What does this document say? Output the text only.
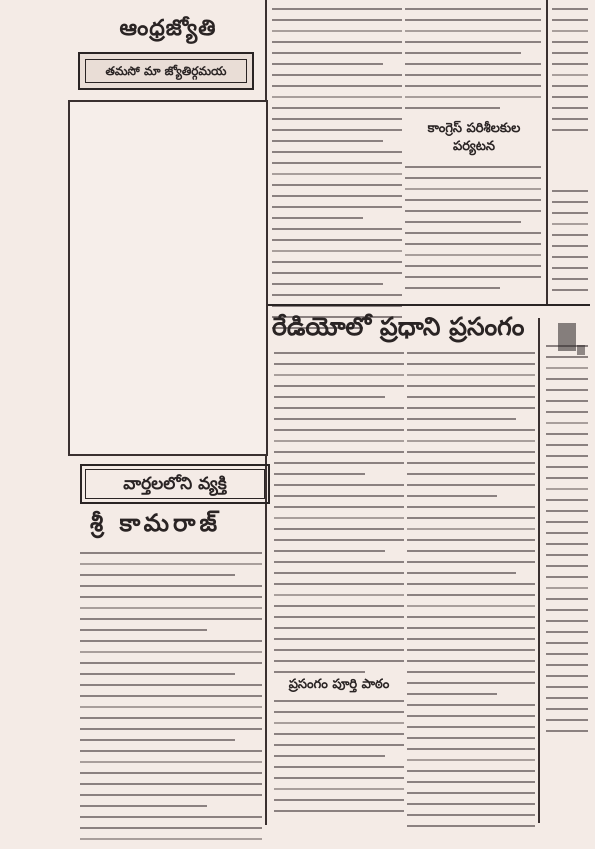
ఆంధ్రజ్యోతి
తమసో మా జ్యోతిర్గమయ
వార్తలలోని వ్యక్తి
శ్రీ కామరాజ్
కాంగ్రెస్ పరిశీలకుల పర్యటన
రేడియోలో ప్రధాని ప్రసంగం
ప్రసంగం పూర్తి పాఠం
